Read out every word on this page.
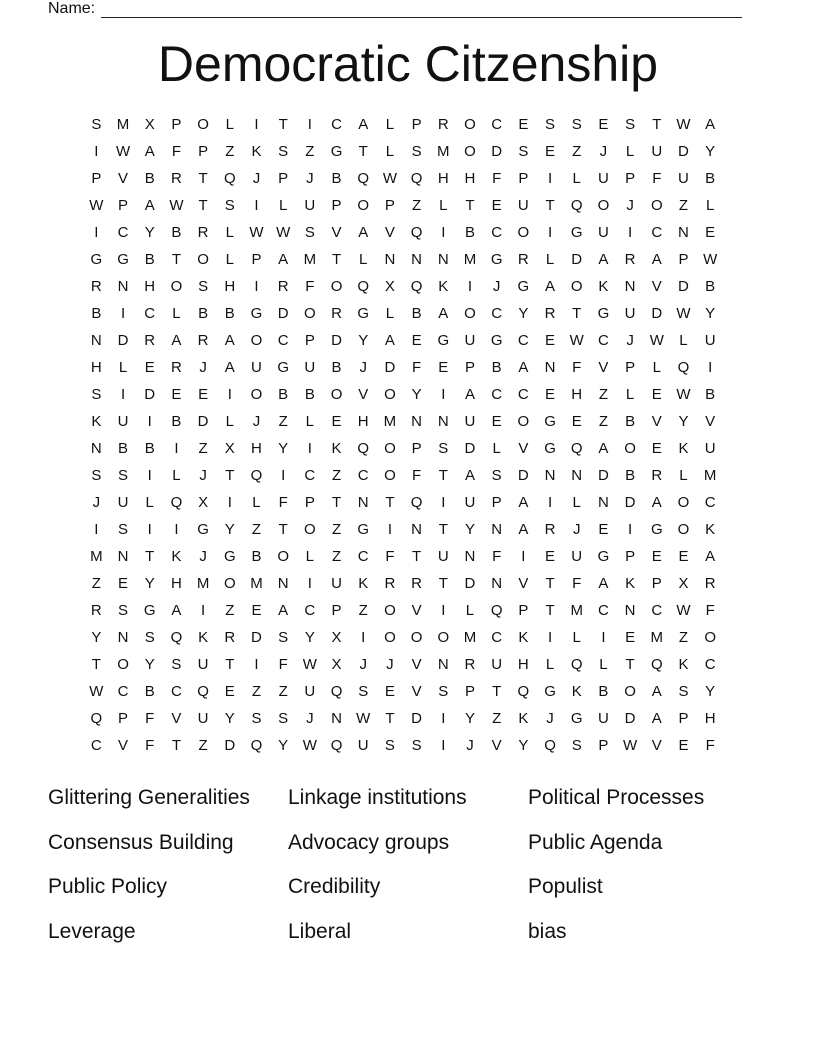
Name:
Democratic Citzenship
S	M	X	P	O	L	I	T	I	C	A	L	P	R	O	C	E	S	S	E	S	T	W A
I	W A	F	P	Z	K	S	Z	G	T	L	S	M O	D	S	E	Z	J	L	U	D	Y
P	V	B	R	T	Q	J	P	J	B	Q W Q	H	H	F	P	I	L	U	P	F	U	B
W P	A W	T	S	I	L	U	P	O	P	Z	L	T	E	U	T	Q	O	J	O	Z	L
I	C	Y	B	R	L	W W S	V	A	V	Q	I	B	C	O	I	G	U	I	C	N	E
G	G	B	T	O	L	P	A	M	T	L	N	N	N	M G	R	L	D	A	R	A	P W
R	N	H	O	S	H	I	R	F	O	Q	X	Q	K	I	J	G	A	O	K	N	V	D	B
B	I	C	L	B	B	G	D	O	R	G	L	B	A	O	C	Y	R	T	G	U	D W Y
N	D	R	A	R	A	O	C	P	D	Y	A	E	G	U	G	C	E W C	J	W	L	U
H	L	E	R	J	A	U	G	U	B	J	D	F	E	P	B	A	N	F	V	P	L	Q	I
S	I	D	E	E	I	O	B	B	O	V	O	Y	I	A	C	C	E	H	Z	L	E W B
K	U	I	B	D	L	J	Z	L	E	H	M	N	N	U	E	O	G	E	Z	B	V	Y	V
N	B	B	I	Z	X	H	Y	I	K	Q	O	P	S	D	L	V	G	Q	A	O	E	K	U
S	S	I	L	J	T	Q	I	C	Z	C	O	F	T	A	S	D	N	N	D	B	R	L	M
J	U	L	Q	X	I	L	F	P	T	N	T	Q	I	U	P	A	I	L	N	D	A	O	C
I	S	I	I	G	Y	Z	T	O	Z	G	I	N	T	Y	N	A	R	J	E	I	G	O	K
M	N	T	K	J	G	B	O	L	Z	C	F	T	U	N	F	I	E	U	G	P	E	E	A
Z	E	Y	H	M O M	N	I	U	K	R	R	T	D	N	V	T	F	A	K	P	X	R
R	S	G	A	I	Z	E	A	C	P	Z	O	V	I	L	Q	P	T	M	C	N	C W	F
Y	N	S	Q	K	R	D	S	Y	X	I	O	O	O M	C	K	I	L	I	E	M	Z	O
T	O	Y	S	U	T	I	F	W X	J	J	V	N	R	U	H	L	Q	L	T	Q	K	C
W C	B	C	Q	E	Z	Z	U	Q	S	E	V	S	P	T	Q	G	K	B	O	A	S	Y
Q	P	F	V	U	Y	S	S	J	N W	T	D	I	Y	Z	K	J	G	U	D	A	P	H
C	V	F	T	Z	D	Q	Y W Q	U	S	S	I	J	V	Y	Q	S	P W V	E	F
Glittering Generalities	Linkage institutions	Political Processes
Consensus Building	Advocacy groups	Public Agenda
Public Policy	Credibility	Populist
Leverage	Liberal	bias
